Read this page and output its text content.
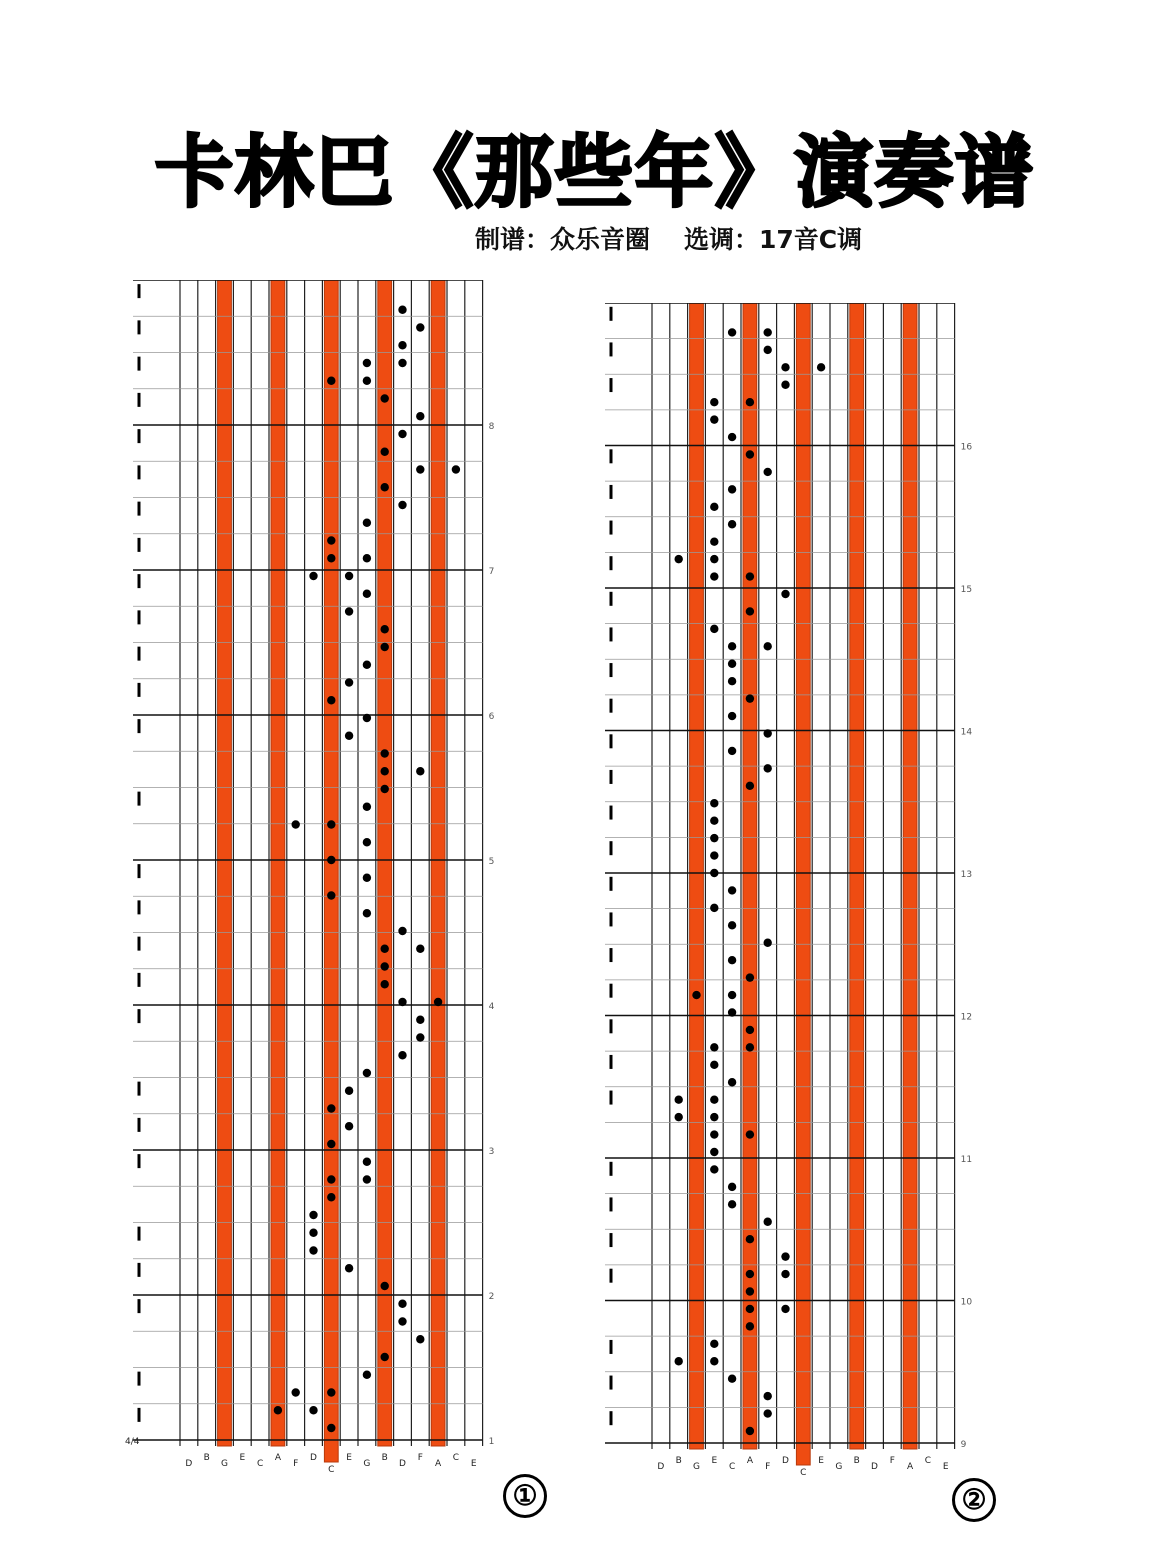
卡林巴《那些年》演奏谱
制谱：众乐音圈 选调：17音C调
1
2
3
4
5
6
7
8
D
B
G
E
C
A
F
D
C
E
G
B
D
F
A
C
E
4/4	9
10
11
12
13
14
15
16
D
B
G
E
C
A
F
D
C
E
G
B
D
F
A
C
E
①	②
